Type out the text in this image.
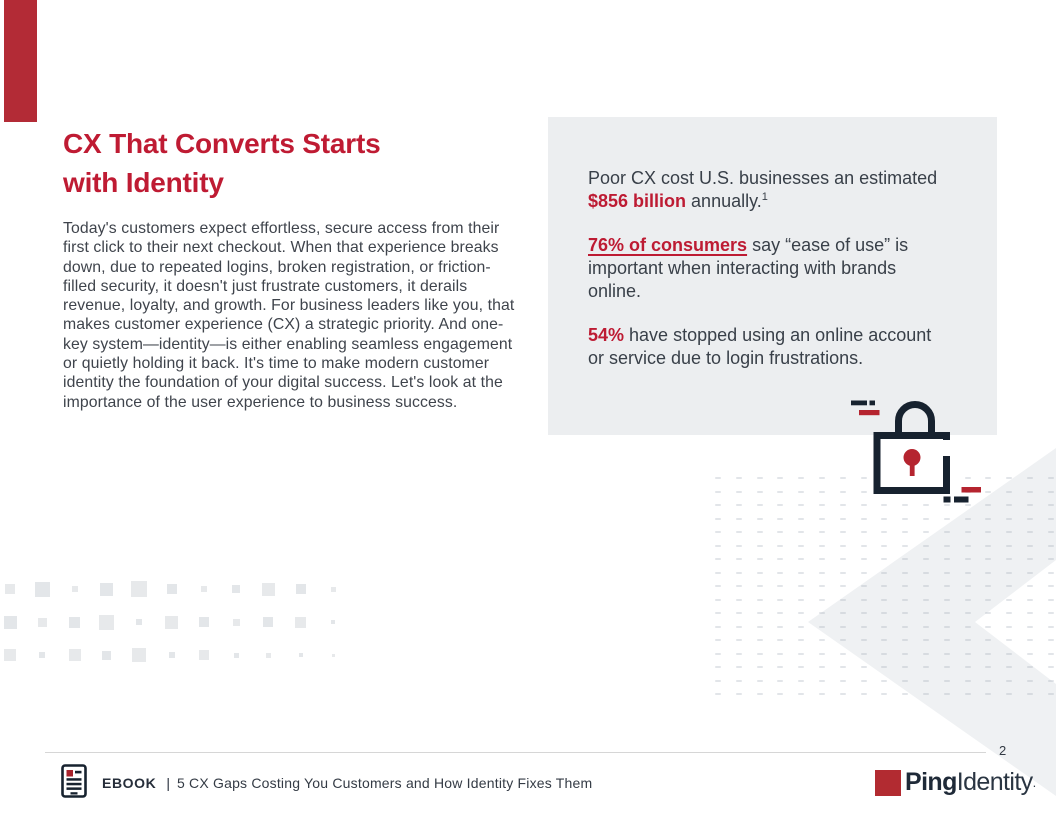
CX That Converts Starts
with Identity

Today's customers expect effortless, secure access from their first click to their next checkout. When that experience breaks down, due to repeated logins, broken registration, or friction-filled security, it doesn't just frustrate customers, it derails revenue, loyalty, and growth. For business leaders like you, that makes customer experience (CX) a strategic priority. And one-key system—identity—is either enabling seamless engagement or quietly holding it back. It's time to make modern customer identity the foundation of your digital success. Let's look at the importance of the user experience to business success.

Poor CX cost U.S. businesses an estimated $856 billion annually.$^1$

76% of consumers say “ease of use” is important when interacting with brands online.

54% have stopped using an online account or service due to login frustrations.

EBOOK | 5 CX Gaps Costing You Customers and How Identity Fixes Them
2
Ping Identity .
